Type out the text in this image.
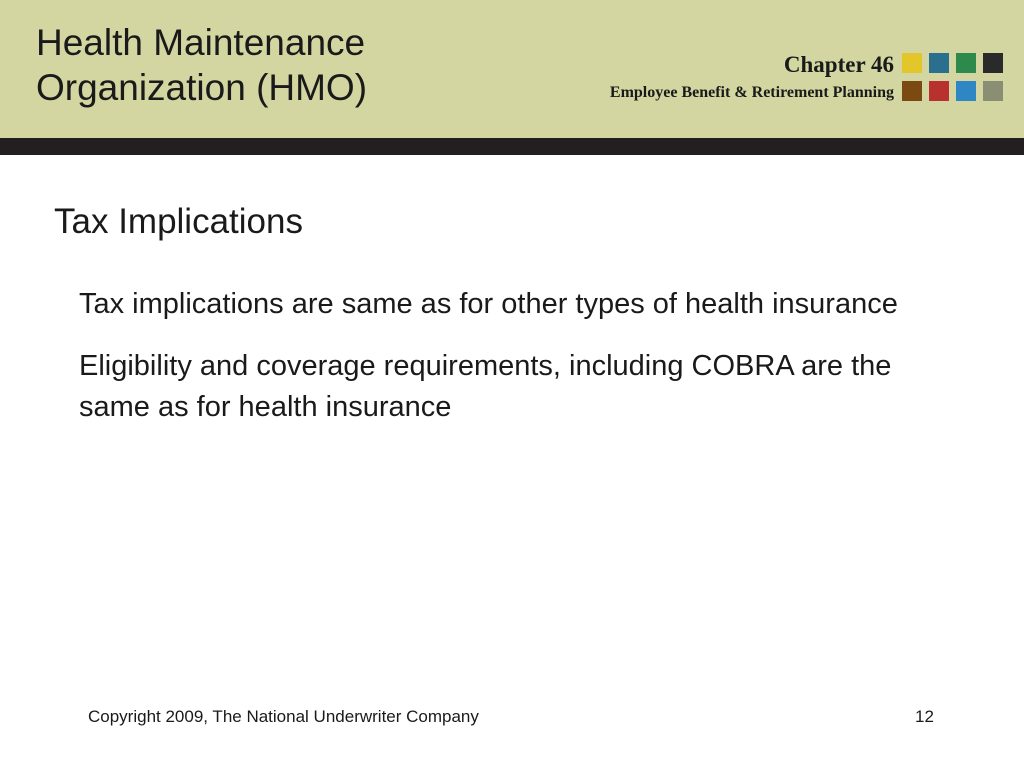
Health Maintenance
Organization (HMO)
Chapter 46
Employee Benefit & Retirement Planning
Tax Implications
Tax implications are same as for other types of health insurance
Eligibility and coverage requirements, including COBRA are the same as for health insurance
Copyright 2009, The National Underwriter Company	12
